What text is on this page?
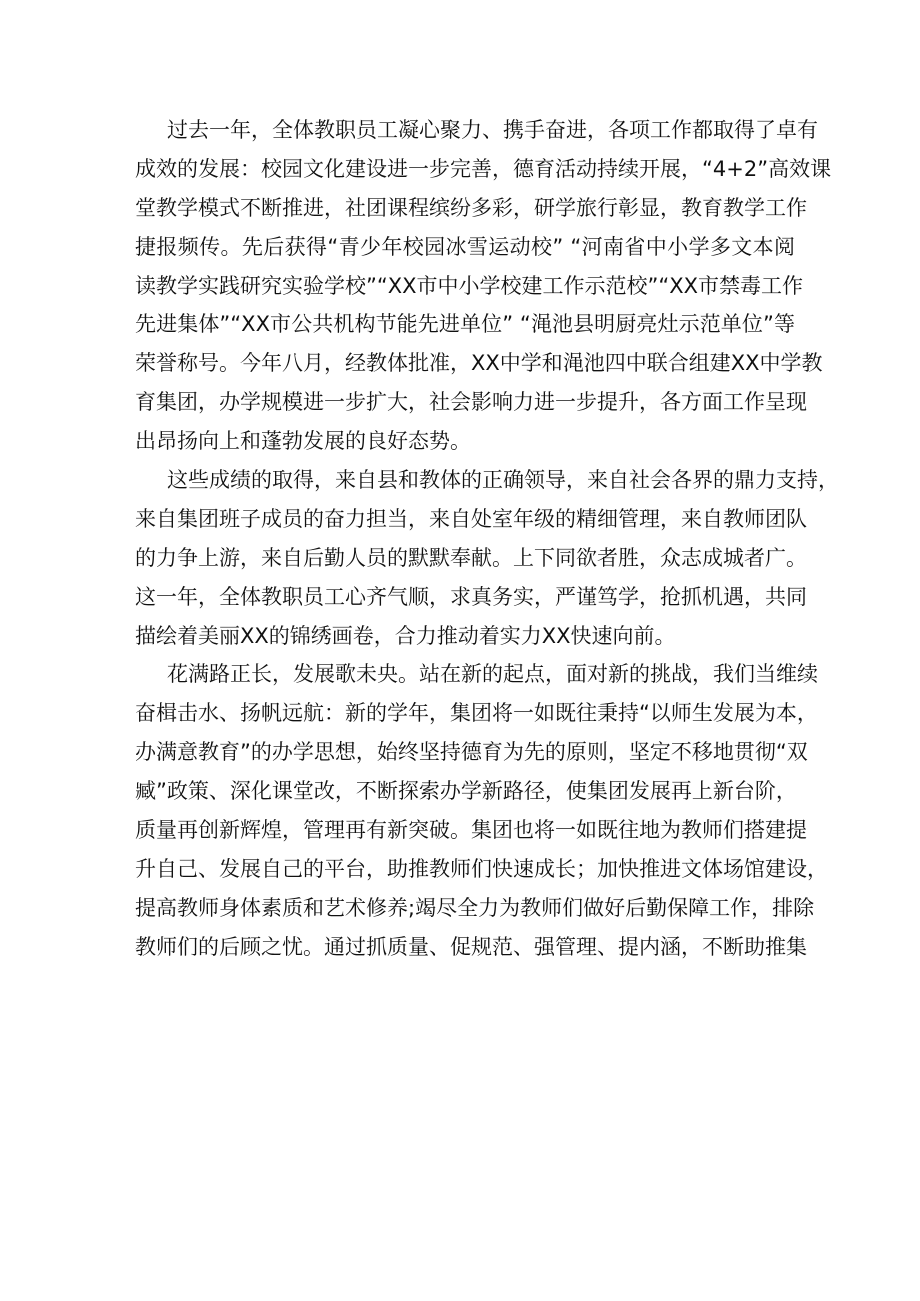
过去一年，全体教职员工凝心聚力、携手奋进，各项工作都取得了卓有
成效的发展：校园文化建设进一步完善，德育活动持续开展，“4+2”高效课
堂教学模式不断推进，社团课程缤纷多彩，研学旅行彰显，教育教学工作
捷报频传。先后获得“青少年校园冰雪运动校” “河南省中小学多文本阅
读教学实践研究实验学校”“XX市中小学校建工作示范校”“XX市禁毒工作
先进集体”“XX市公共机构节能先进单位” “渑池县明厨亮灶示范单位”等
荣誉称号。今年八月，经教体批准，XX中学和渑池四中联合组建XX中学教
育集团，办学规模进一步扩大，社会影响力进一步提升，各方面工作呈现
出昂扬向上和蓬勃发展的良好态势。
这些成绩的取得，来自县和教体的正确领导，来自社会各界的鼎力支持，
来自集团班子成员的奋力担当，来自处室年级的精细管理，来自教师团队
的力争上游，来自后勤人员的默默奉献。上下同欲者胜，众志成城者广。
这一年，全体教职员工心齐气顺，求真务实，严谨笃学，抢抓机遇，共同
描绘着美丽XX的锦绣画卷，合力推动着实力XX快速向前。
花满路正长，发展歌未央。站在新的起点，面对新的挑战，我们当维续
奋楫击水、扬帆远航：新的学年，集团将一如既往秉持“以师生发展为本，
办满意教育”的办学思想，始终坚持德育为先的原则，坚定不移地贯彻“双
臧”政策、深化课堂改，不断探索办学新路径，使集团发展再上新台阶，
质量再创新辉煌，管理再有新突破。集团也将一如既往地为教师们搭建提
升自己、发展自己的平台，助推教师们快速成长；加快推进文体场馆建设，
提高教师身体素质和艺术修养;竭尽全力为教师们做好后勤保障工作，排除
教师们的后顾之忧。通过抓质量、促规范、强管理、提内涵，不断助推集
